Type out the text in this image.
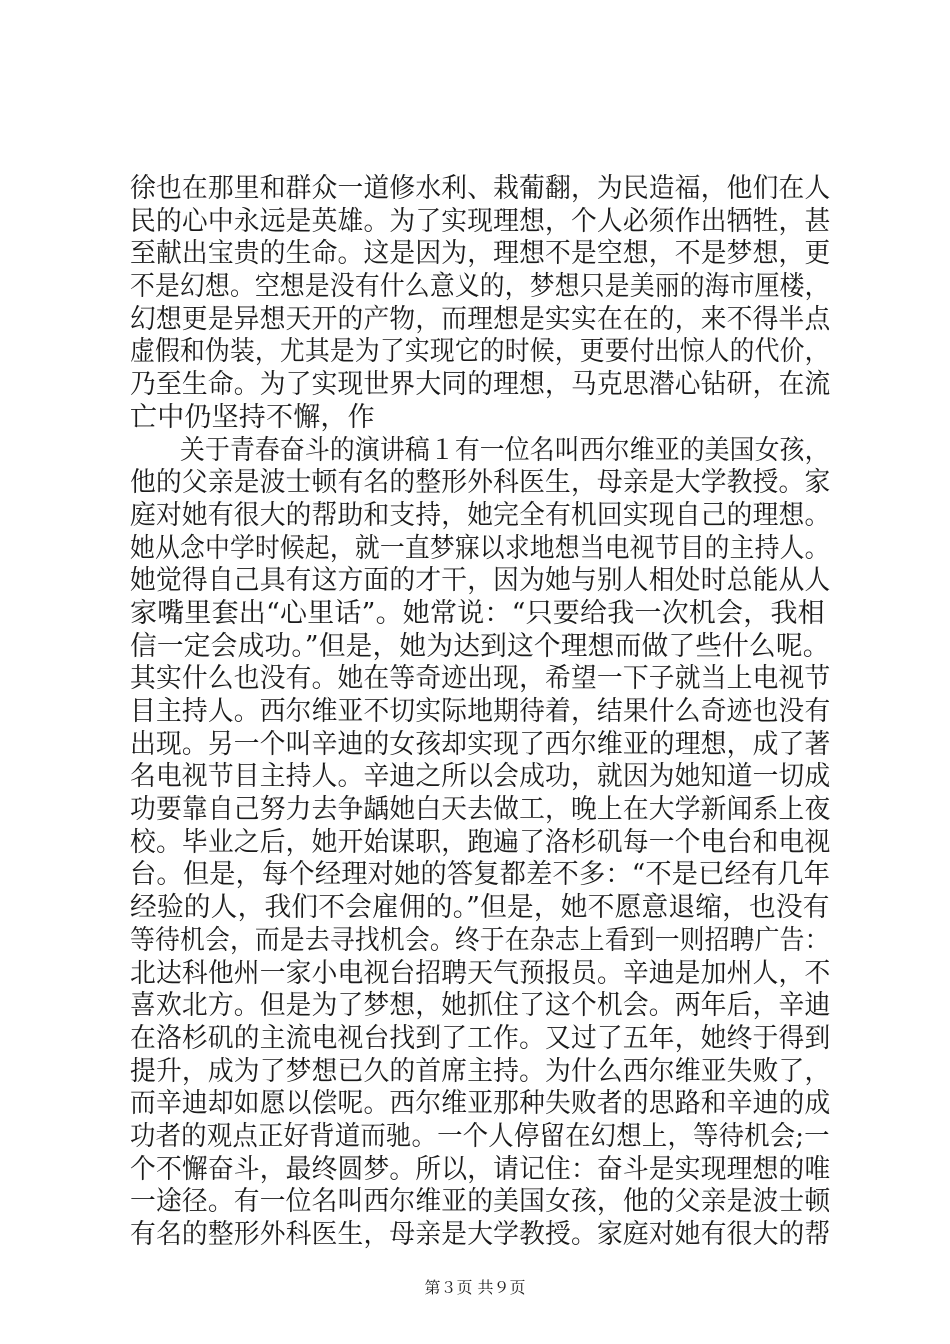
徐也在那里和群众一道修水利、栽葡翻，为民造福，他们在人
民的心中永远是英雄。为了实现理想，个人必须作出牺牲，甚
至献出宝贵的生命。这是因为，理想不是空想，不是梦想，更
不是幻想。空想是没有什么意义的，梦想只是美丽的海市厘楼，
幻想更是异想天开的产物，而理想是实实在在的，来不得半点
虚假和伪装，尤其是为了实现它的时候，更要付出惊人的代价，
乃至生命。为了实现世界大同的理想，马克思潜心钻研，在流
亡中仍坚持不懈，作
　　关于青春奋斗的演讲稿１有一位名叫西尔维亚的美国女孩，
他的父亲是波士顿有名的整形外科医生，母亲是大学教授。家
庭对她有很大的帮助和支持，她完全有机回实现自己的理想。
她从念中学时候起，就一直梦寐以求地想当电视节目的主持人。
她觉得自己具有这方面的才干，因为她与别人相处时总能从人
家嘴里套出“心里话”。她常说：“只要给我一次机会，我相
信一定会成功。”但是，她为达到这个理想而做了些什么呢。
其实什么也没有。她在等奇迹出现，希望一下子就当上电视节
目主持人。西尔维亚不切实际地期待着，结果什么奇迹也没有
出现。另一个叫辛迪的女孩却实现了西尔维亚的理想，成了著
名电视节目主持人。辛迪之所以会成功，就因为她知道一切成
功要靠自己努力去争龋她白天去做工，晚上在大学新闻系上夜
校。毕业之后，她开始谋职，跑遍了洛杉矶每一个电台和电视
台。但是，每个经理对她的答复都差不多：“不是已经有几年
经验的人，我们不会雇佣的。”但是，她不愿意退缩，也没有
等待机会，而是去寻找机会。终于在杂志上看到一则招聘广告：
北达科他州一家小电视台招聘天气预报员。辛迪是加州人，不
喜欢北方。但是为了梦想，她抓住了这个机会。两年后，辛迪
在洛杉矶的主流电视台找到了工作。又过了五年，她终于得到
提升，成为了梦想已久的首席主持。为什么西尔维亚失败了，
而辛迪却如愿以偿呢。西尔维亚那种失败者的思路和辛迪的成
功者的观点正好背道而驰。一个人停留在幻想上，等待机会;一
个不懈奋斗，最终圆梦。所以，请记住：奋斗是实现理想的唯
一途径。有一位名叫西尔维亚的美国女孩，他的父亲是波士顿
有名的整形外科医生，母亲是大学教授。家庭对她有很大的帮
第３页 共９页
